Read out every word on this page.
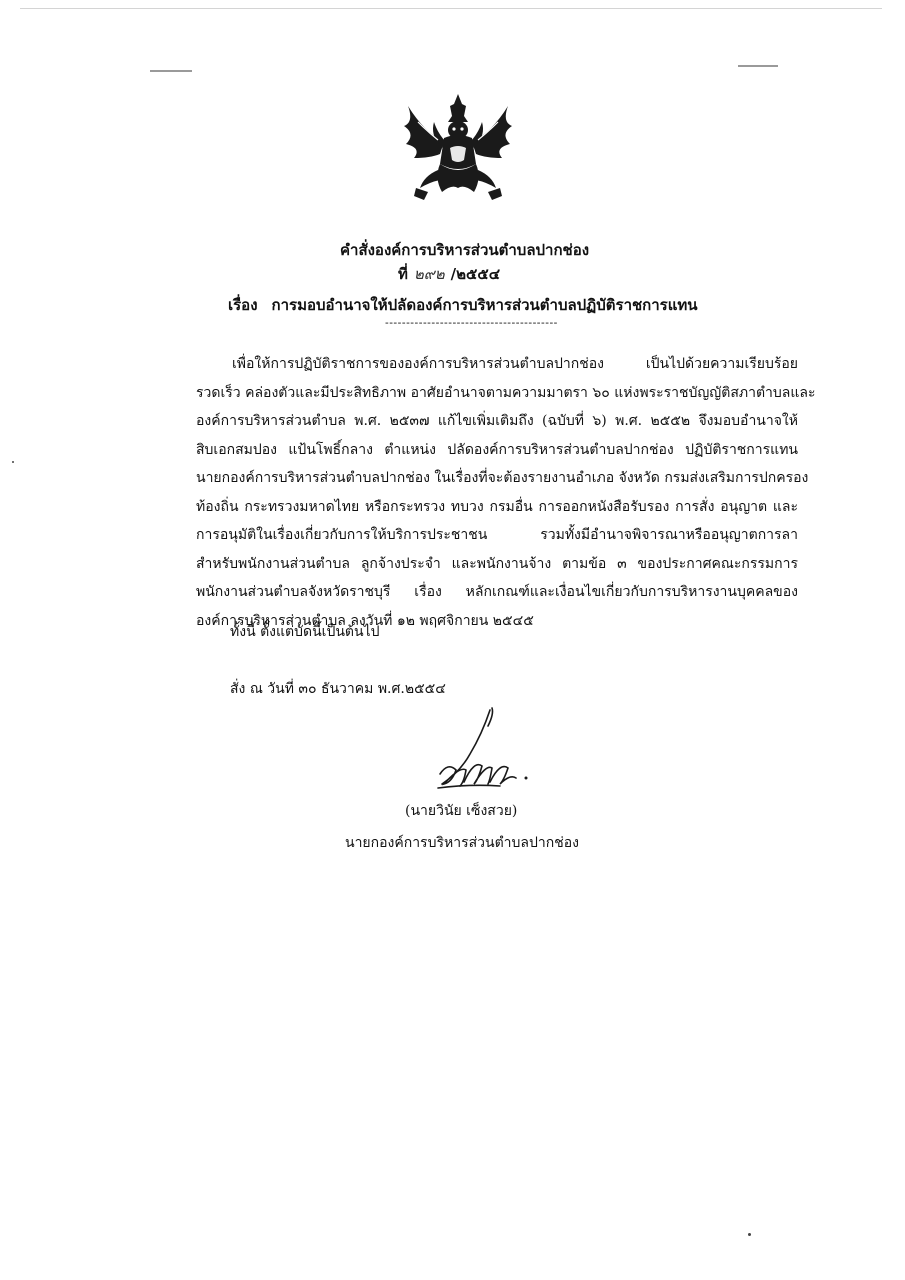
คำสั่งองค์การบริหารส่วนตำบลปากช่อง
ที่ ๒๙๒ /๒๕๕๔
เรื่อง การมอบอำนาจให้ปลัดองค์การบริหารส่วนตำบลปฏิบัติราชการแทน
-----------------------------------------
เพื่อให้การปฏิบัติราชการขององค์การบริหารส่วนตำบลปากช่อง เป็นไปด้วยความเรียบร้อย
รวดเร็ว คล่องตัวและมีประสิทธิภาพ อาศัยอำนาจตามความมาตรา ๖๐ แห่งพระราชบัญญัติสภาตำบลและ
องค์การบริหารส่วนตำบล พ.ศ. ๒๕๓๗ แก้ไขเพิ่มเติมถึง (ฉบับที่ ๖) พ.ศ. ๒๕๕๒ จึงมอบอำนาจให้
สิบเอกสมปอง แป้นโพธิ์กลาง ตำแหน่ง ปลัดองค์การบริหารส่วนตำบลปากช่อง ปฏิบัติราชการแทน
นายกองค์การบริหารส่วนตำบลปากช่อง ในเรื่องที่จะต้องรายงานอำเภอ จังหวัด กรมส่งเสริมการปกครอง
ท้องถิ่น กระทรวงมหาดไทย หรือกระทรวง ทบวง กรมอื่น การออกหนังสือรับรอง การสั่ง อนุญาต และ
การอนุมัติในเรื่องเกี่ยวกับการให้บริการประชาชน รวมทั้งมีอำนาจพิจารณาหรืออนุญาตการลา
สำหรับพนักงานส่วนตำบล ลูกจ้างประจำ และพนักงานจ้าง ตามข้อ ๓ ของประกาศคณะกรรมการ
พนักงานส่วนตำบลจังหวัดราชบุรี เรื่อง หลักเกณฑ์และเงื่อนไขเกี่ยวกับการบริหารงานบุคคลของ
องค์การบริหารส่วนตำบล ลงวันที่ ๑๒ พฤศจิกายน ๒๕๔๕
ทั้งนี้ ตั้งแต่บัดนี้เป็นต้นไป
สั่ง ณ วันที่ ๓๐ ธันวาคม พ.ศ.๒๕๕๔
(นายวินัย เซ็งสวย)
นายกองค์การบริหารส่วนตำบลปากช่อง
